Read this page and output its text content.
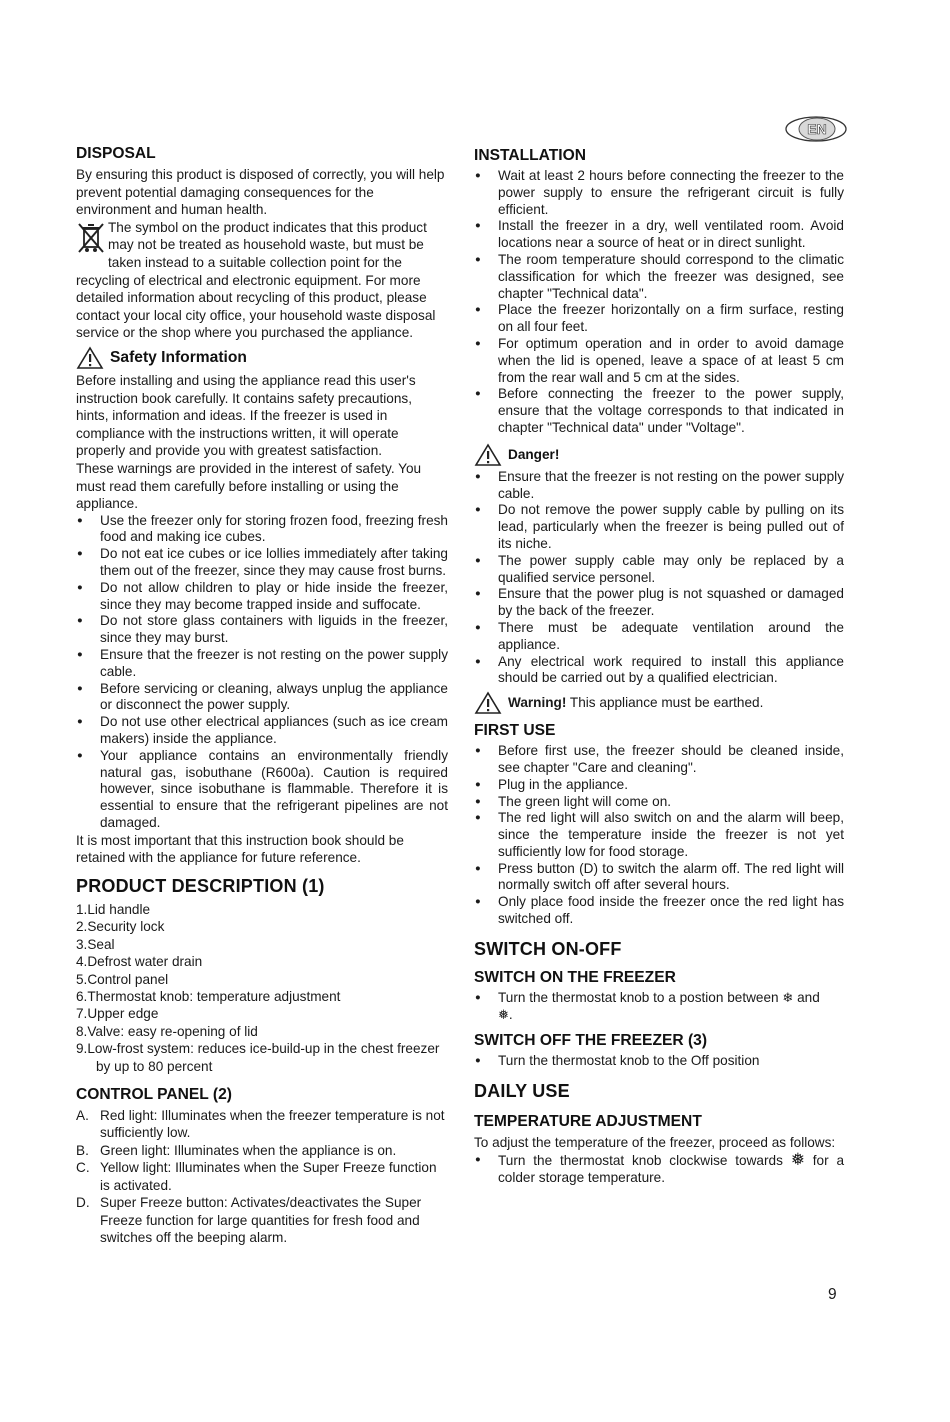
EN
DISPOSAL

By ensuring this product is disposed of correctly, you will help prevent potential damaging consequences for the environment and human health.

The symbol on the product indicates that this product may not be treated as household waste, but must be taken instead to a suitable collection point for the recycling of electrical and electronic equipment. For more detailed information about recycling of this product, please contact your local city office, your household waste disposal service or the shop where you purchased the appliance.

Safety Information

Before installing and using the appliance read this user's instruction book carefully. It contains safety precautions, hints, information and ideas. If the freezer is used in compliance with the instructions written, it will operate properly and provide you with greatest satisfaction.

These warnings are provided in the interest of safety. You must read them carefully before installing or using the appliance.

● Use the freezer only for storing frozen food, freezing fresh food and making ice cubes.
● Do not eat ice cubes or ice lollies immediately after taking them out of the freezer, since they may cause frost burns.
● Do not allow children to play or hide inside the freezer, since they may become trapped inside and suffocate.
● Do not store glass containers with liguids in the freezer, since they may burst.
● Ensure that the freezer is not resting on the power supply cable.
● Before servicing or cleaning, always unplug the appliance or disconnect the power supply.
● Do not use other electrical appliances (such as ice cream makers) inside the appliance.
● Your appliance contains an environmentally friendly natural gas, isobuthane (R600a). Caution is required however, since isobuthane is flammable. Therefore it is essential to ensure that the refrigerant pipelines are not damaged.

It is most important that this instruction book should be retained with the appliance for future reference.

PRODUCT DESCRIPTION (1)
1.Lid handle
2.Security lock
3.Seal
4.Defrost water drain
5.Control panel
6.Thermostat knob: temperature adjustment
7.Upper edge
8.Valve: easy re-opening of lid
9.Low-frost system: reduces ice-build-up in the chest freezer by up to 80 percent
CONTROL PANEL (2)
A. Red light: Illuminates when the freezer temperature is not sufficiently low.
B. Green light: Illuminates when the appliance is on.
C. Yellow light: Illuminates when the Super Freeze function is activated.
D. Super Freeze button: Activates/deactivates the Super Freeze function for large quantities for fresh food and switches off the beeping alarm.
INSTALLATION
● Wait at least 2 hours before connecting the freezer to the power supply to ensure the refrigerant circuit is fully efficient.
● Install the freezer in a dry, well ventilated room. Avoid locations near a source of heat or in direct sunlight.
● The room temperature should correspond to the climatic classification for which the freezer was designed, see chapter "Technical data".
● Place the freezer horizontally on a firm surface, resting on all four feet.
● For optimum operation and in order to avoid damage when the lid is opened, leave a space of at least 5 cm from the rear wall and 5 cm at the sides.
● Before connecting the freezer to the power supply, ensure that the voltage corresponds to that indicated in chapter "Technical data" under "Voltage".
Danger!
● Ensure that the freezer is not resting on the power supply cable.
● Do not remove the power supply cable by pulling on its lead, particularly when the freezer is being pulled out of its niche.
● The power supply cable may only be replaced by a qualified service personel.
● Ensure that the power plug is not squashed or damaged by the back of the freezer.
● There must be adequate ventilation around the appliance.
● Any electrical work required to install this appliance should be carried out by a qualified electrician.
Warning! This appliance must be earthed.
FIRST USE
● Before first use, the freezer should be cleaned inside, see chapter "Care and cleaning".
● Plug in the appliance.
● The green light will come on.
● The red light will also switch on and the alarm will beep, since the temperature inside the freezer is not yet sufficiently low for food storage.
● Press button (D) to switch the alarm off. The red light will normally switch off after several hours.
● Only place food inside the freezer once the red light has switched off.
SWITCH ON-OFF
SWITCH ON THE FREEZER
● Turn the thermostat knob to a postion between ❄ and
❅.
SWITCH OFF THE FREEZER (3)
● Turn the thermostat knob to the Off position
DAILY USE
TEMPERATURE ADJUSTMENT

To adjust the temperature of the freezer, proceed as follows:

● Turn the thermostat knob clockwise towards ❅ for a colder storage temperature.
9
